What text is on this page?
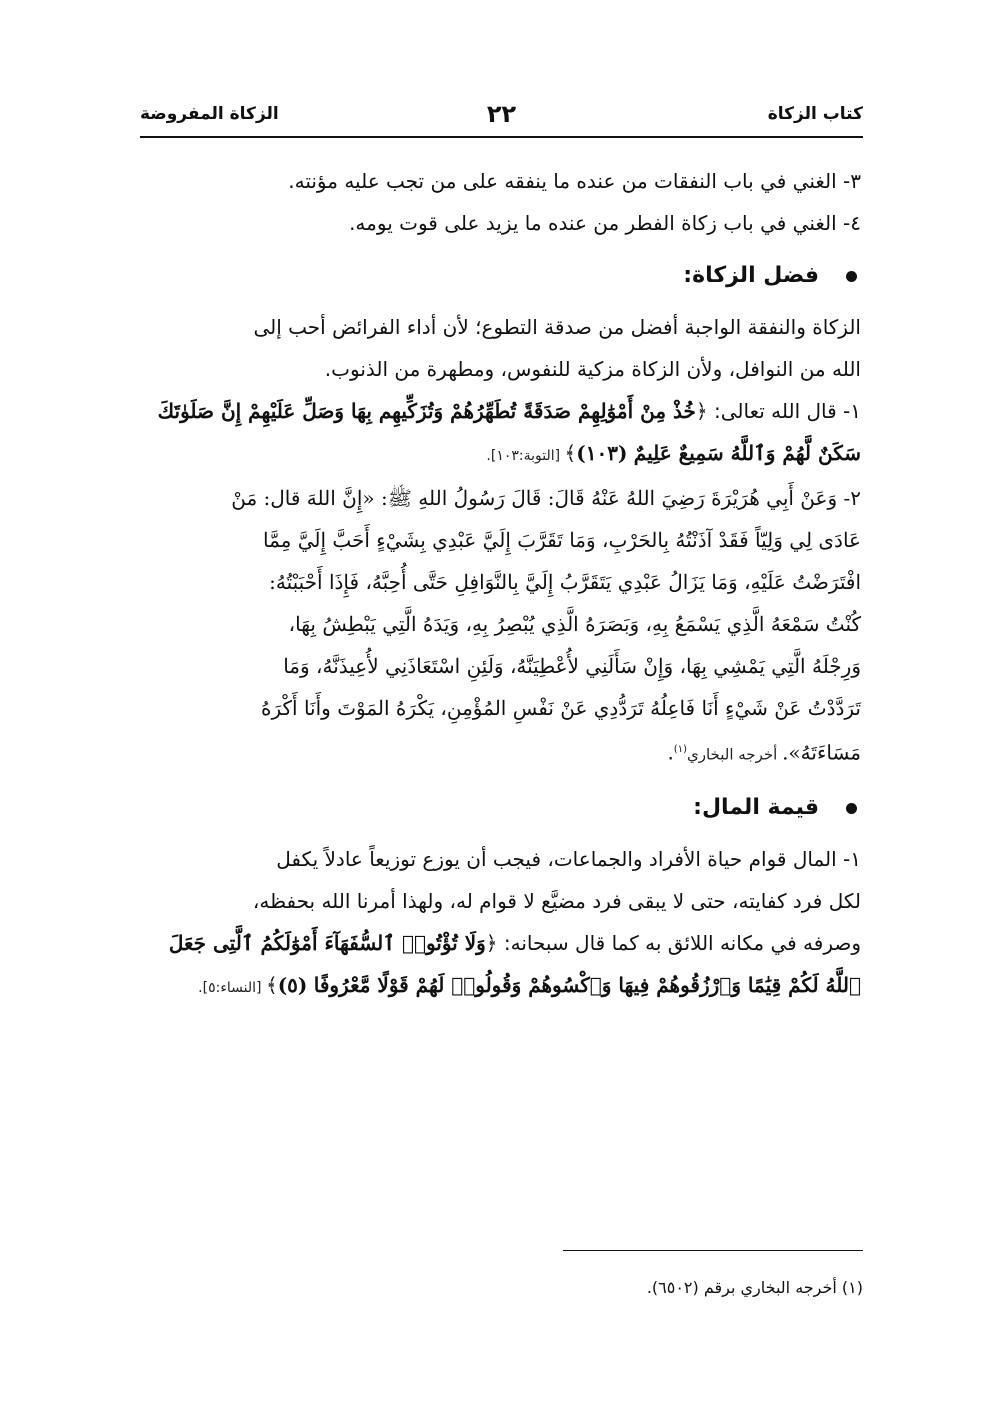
كتاب الزكاة
٢٢
الزكاة المفروضة

٣- الغني في باب النفقات من عنده ما ينفقه على من تجب عليه مؤنته.

٤- الغني في باب زكاة الفطر من عنده ما يزيد على قوت يومه.

فضل الزكاة:

الزكاة والنفقة الواجبة أفضل من صدقة التطوع؛ لأن أداء الفرائض أحب إلى

الله من النوافل، ولأن الزكاة مزكية للنفوس، ومطهرة من الذنوب.

١- قال الله تعالى: ﴿خُذْ مِنْ أَمْوَٰلِهِمْ صَدَقَةً تُطَهِّرُهُمْ وَتُزَكِّيهِم بِهَا وَصَلِّ عَلَيْهِمْ إِنَّ صَلَوٰتَكَ

سَكَنٌ لَّهُمْ وَٱللَّهُ سَمِيعٌ عَلِيمٌ (١٠٣)﴾ [التوبة:١٠٣].

٢- وَعَنْ أَبِي هُرَيْرَةَ رَضِيَ اللهُ عَنْهُ قَالَ: قَالَ رَسُولُ اللهِ ﷺ: «إِنَّ اللهَ قال: مَنْ

عَادَى لِي وَلِيّاً فَقَدْ آذَنْتُهُ بِالحَرْبِ، وَمَا تَقَرَّبَ إِلَيَّ عَبْدِي بِشَيْءٍ أَحَبَّ إِلَيَّ مِمَّا

افْتَرَضْتُ عَلَيْهِ، وَمَا يَزَالُ عَبْدِي يَتَقَرَّبُ إِلَيَّ بِالنَّوَافِلِ حَتَّى أُحِبَّهُ، فَإِذَا أَحْبَبْتُهُ:

كُنْتُ سَمْعَهُ الَّذِي يَسْمَعُ بِهِ، وَبَصَرَهُ الَّذِي يُبْصِرُ بِهِ، وَيَدَهُ الَّتِي يَبْطِشُ بِهَا،

وَرِجْلَهُ الَّتِي يَمْشِي بِهَا، وَإِنْ سَأَلَنِي لأُعْطِيَنَّهُ، وَلَئِنِ اسْتَعَاذَنِي لأُعِيذَنَّهُ، وَمَا

تَرَدَّدْتُ عَنْ شَيْءٍ أَنَا فَاعِلُهُ تَرَدُّدِي عَنْ نَفْسِ المُؤْمِنِ، يَكْرَهُ المَوْتَ وأَنَا أَكْرَهُ

مَسَاءَتَهُ». أخرجه البخاري$^{(١)}$.

قيمة المال:

١- المال قوام حياة الأفراد والجماعات، فيجب أن يوزع توزيعاً عادلاً يكفل

لكل فرد كفايته، حتى لا يبقى فرد مضيَّع لا قوام له، ولهذا أمرنا الله بحفظه،

وصرفه في مكانه اللائق به كما قال سبحانه: ﴿وَلَا تُؤْتُوا۟ ٱلسُّفَهَآءَ أَمْوَٰلَكُمُ ٱلَّتِى جَعَلَ

ٱللَّهُ لَكُمْ قِيَٰمًا وَٱرْزُقُوهُمْ فِيهَا وَٱكْسُوهُمْ وَقُولُوا۟ لَهُمْ قَوْلًا مَّعْرُوفًا (٥)﴾ [النساء:٥].

(١) أخرجه البخاري برقم (٦٥٠٢).
